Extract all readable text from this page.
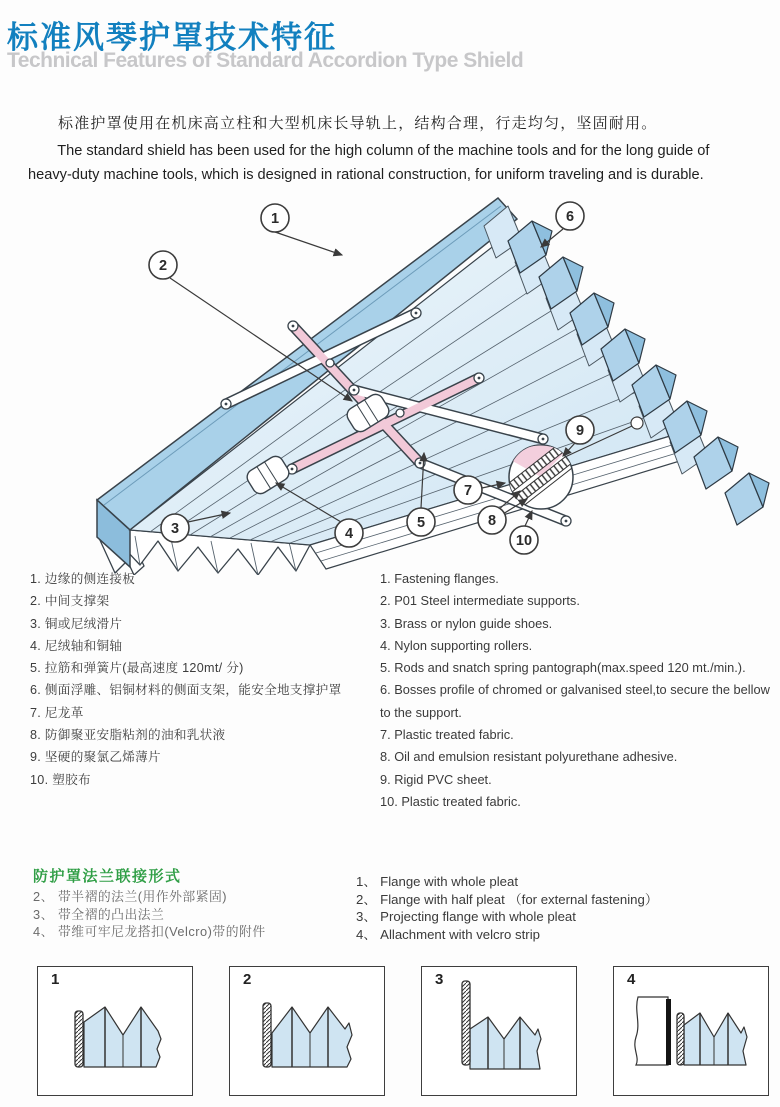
标准风琴护罩技术特征
Technical Features of Standard Accordion Type Shield

标准护罩使用在机床高立柱和大型机床长导轨上，结构合理，行走均匀，坚固耐用。

The standard shield has been used for the high column of the machine tools and for the long guide of heavy-duty machine tools, which is designed in rational construction, for uniform traveling and is durable.

1
2
3	4
5
6
7
8
9
10
1. 边缘的侧连接板
2. 中间支撑架
3. 铜或尼绒滑片
4. 尼绒轴和铜轴
5. 拉筋和弹簧片(最高速度 120mt/ 分)
6. 侧面浮雕、铝铜材料的侧面支架，能安全地支撑护罩
7. 尼龙革
8. 防御聚亚安脂粘剂的油和乳状液
9. 坚硬的聚氯乙烯薄片
10. 塑胶布
1. Fastening flanges.
2. P01 Steel intermediate supports.
3. Brass or nylon guide shoes.
4. Nylon supporting rollers.
5. Rods and snatch spring pantograph(max.speed 120 mt./min.).
6. Bosses profile of chromed or galvanised steel,to secure the bellow to the support.
7. Plastic treated fabric.
8. Oil and emulsion resistant polyurethane adhesive.
9. Rigid PVC sheet.
10. Plastic treated fabric.
防护罩法兰联接形式
2、 带半褶的法兰(用作外部紧固)
3、 带全褶的凸出法兰
4、 带维可牢尼龙搭扣(Velcro)带的附件
1、 Flange with whole pleat
2、 Flange with half pleat （for external fastening）
3、 Projecting flange with whole pleat
4、 Allachment with velcro strip
1	2	3	4
